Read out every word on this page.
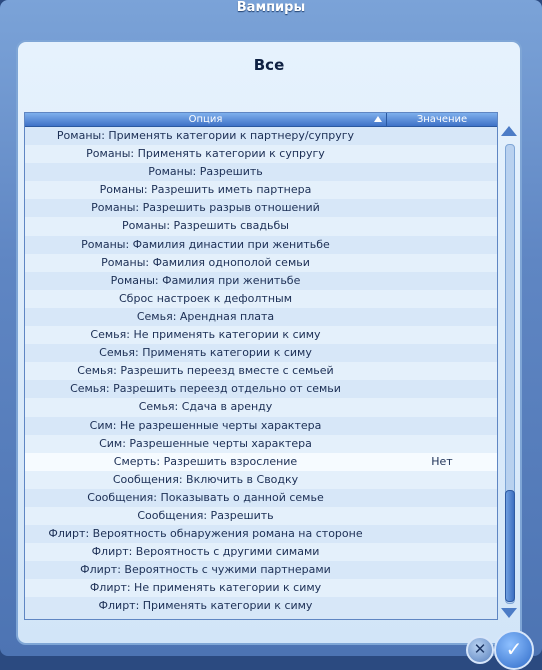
Вампиры
Все
Опция	Значение
Романы: Применять категории к партнеру/супругу
Романы: Применять категории к супругу
Романы: Разрешить
Романы: Разрешить иметь партнера
Романы: Разрешить разрыв отношений
Романы: Разрешить свадьбы
Романы: Фамилия династии при женитьбе
Романы: Фамилия однополой семьи
Романы: Фамилия при женитьбе
Сброс настроек к дефолтным
Семья: Арендная плата
Семья: Не применять категории к симу
Семья: Применять категории к симу
Семья: Разрешить переезд вместе с семьей
Семья: Разрешить переезд отдельно от семьи
Семья: Сдача в аренду
Сим: Не разрешенные черты характера
Сим: Разрешенные черты характера
Смерть: Разрешить взросление	Нет
Сообщения: Включить в Сводку
Сообщения: Показывать о данной семье
Сообщения: Разрешить
Флирт: Вероятность обнаружения романа на стороне
Флирт: Вероятность с другими симами
Флирт: Вероятность с чужими партнерами
Флирт: Не применять категории к симу
Флирт: Применять категории к симу
✕ ✓
